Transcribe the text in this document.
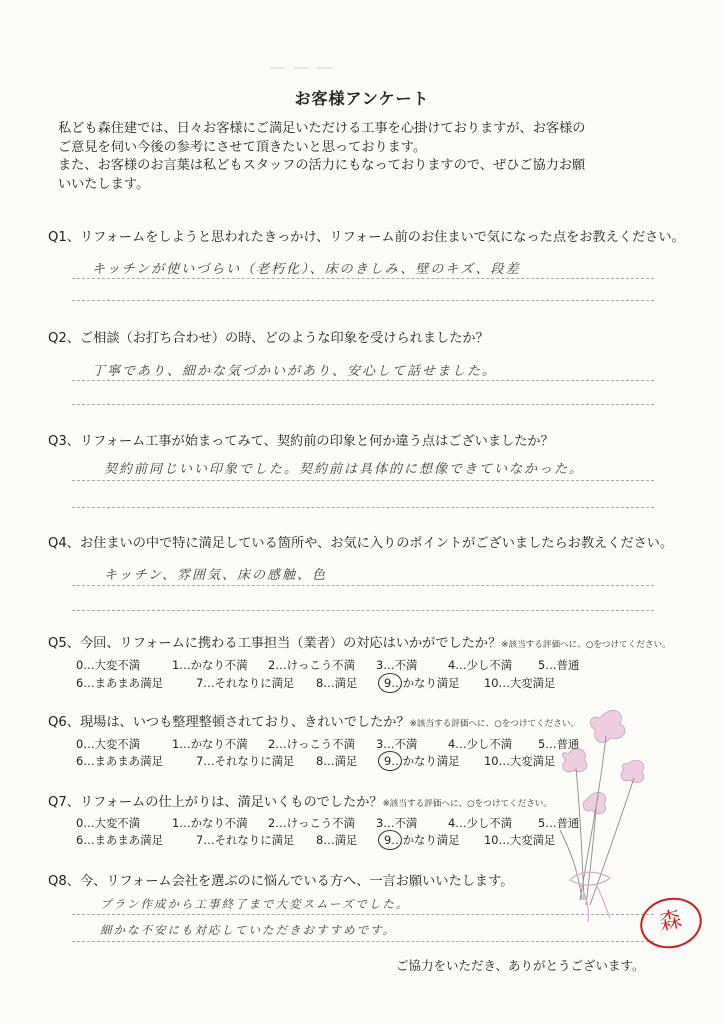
― ― ―
お客様アンケート
私ども森住建では、日々お客様にご満足いただける工事を心掛けておりますが、お客様の
ご意見を伺い今後の参考にさせて頂きたいと思っております。
また、お客様のお言葉は私どもスタッフの活力にもなっておりますので、ぜひご協力お願
いいたします。
Q1、リフォームをしようと思われたきっかけ、リフォーム前のお住まいで気になった点をお教えください。
キッチンが使いづらい（老朽化）、床のきしみ、壁のキズ、段差
Q2、ご相談（お打ち合わせ）の時、どのような印象を受けられましたか？
丁寧であり、細かな気づかいがあり、安心して話せました。
Q3、リフォーム工事が始まってみて、契約前の印象と何か違う点はございましたか？
契約前同じいい印象でした。契約前は具体的に想像できていなかった。
Q4、お住まいの中で特に満足している箇所や、お気に入りのポイントがございましたらお教えください。
キッチン、雰囲気、床の感触、色
Q5、今回、リフォームに携わる工事担当（業者）の対応はいかがでしたか？※該当する評価へに、○をつけてください。
0…大変不満	1…かなり不満 2…けっこう不満 3…不満	4…少し不満 5…普通
6…まあまあ満足	7…それなりに満足 8…満足 9…かなり満足 10…大変満足
Q6、現場は、いつも整理整頓されており、きれいでしたか？※該当する評価へに、○をつけてください。
0…大変不満	1…かなり不満 2…けっこう不満 3…不満	4…少し不満 5…普通
6…まあまあ満足	7…それなりに満足 8…満足 9…かなり満足 10…大変満足
Q7、リフォームの仕上がりは、満足いくものでしたか？※該当する評価へに、○をつけてください。
0…大変不満	1…かなり不満 2…けっこう不満 3…不満	4…少し不満 5…普通
6…まあまあ満足	7…それなりに満足 8…満足 9…かなり満足 10…大変満足
Q8、今、リフォーム会社を選ぶのに悩んでいる方へ、一言お願いいたします。
プラン作成から工事終了まで大変スムーズでした。
細かな不安にも対応していただきおすすめです。
ご協力をいただき、ありがとうございます。
森
